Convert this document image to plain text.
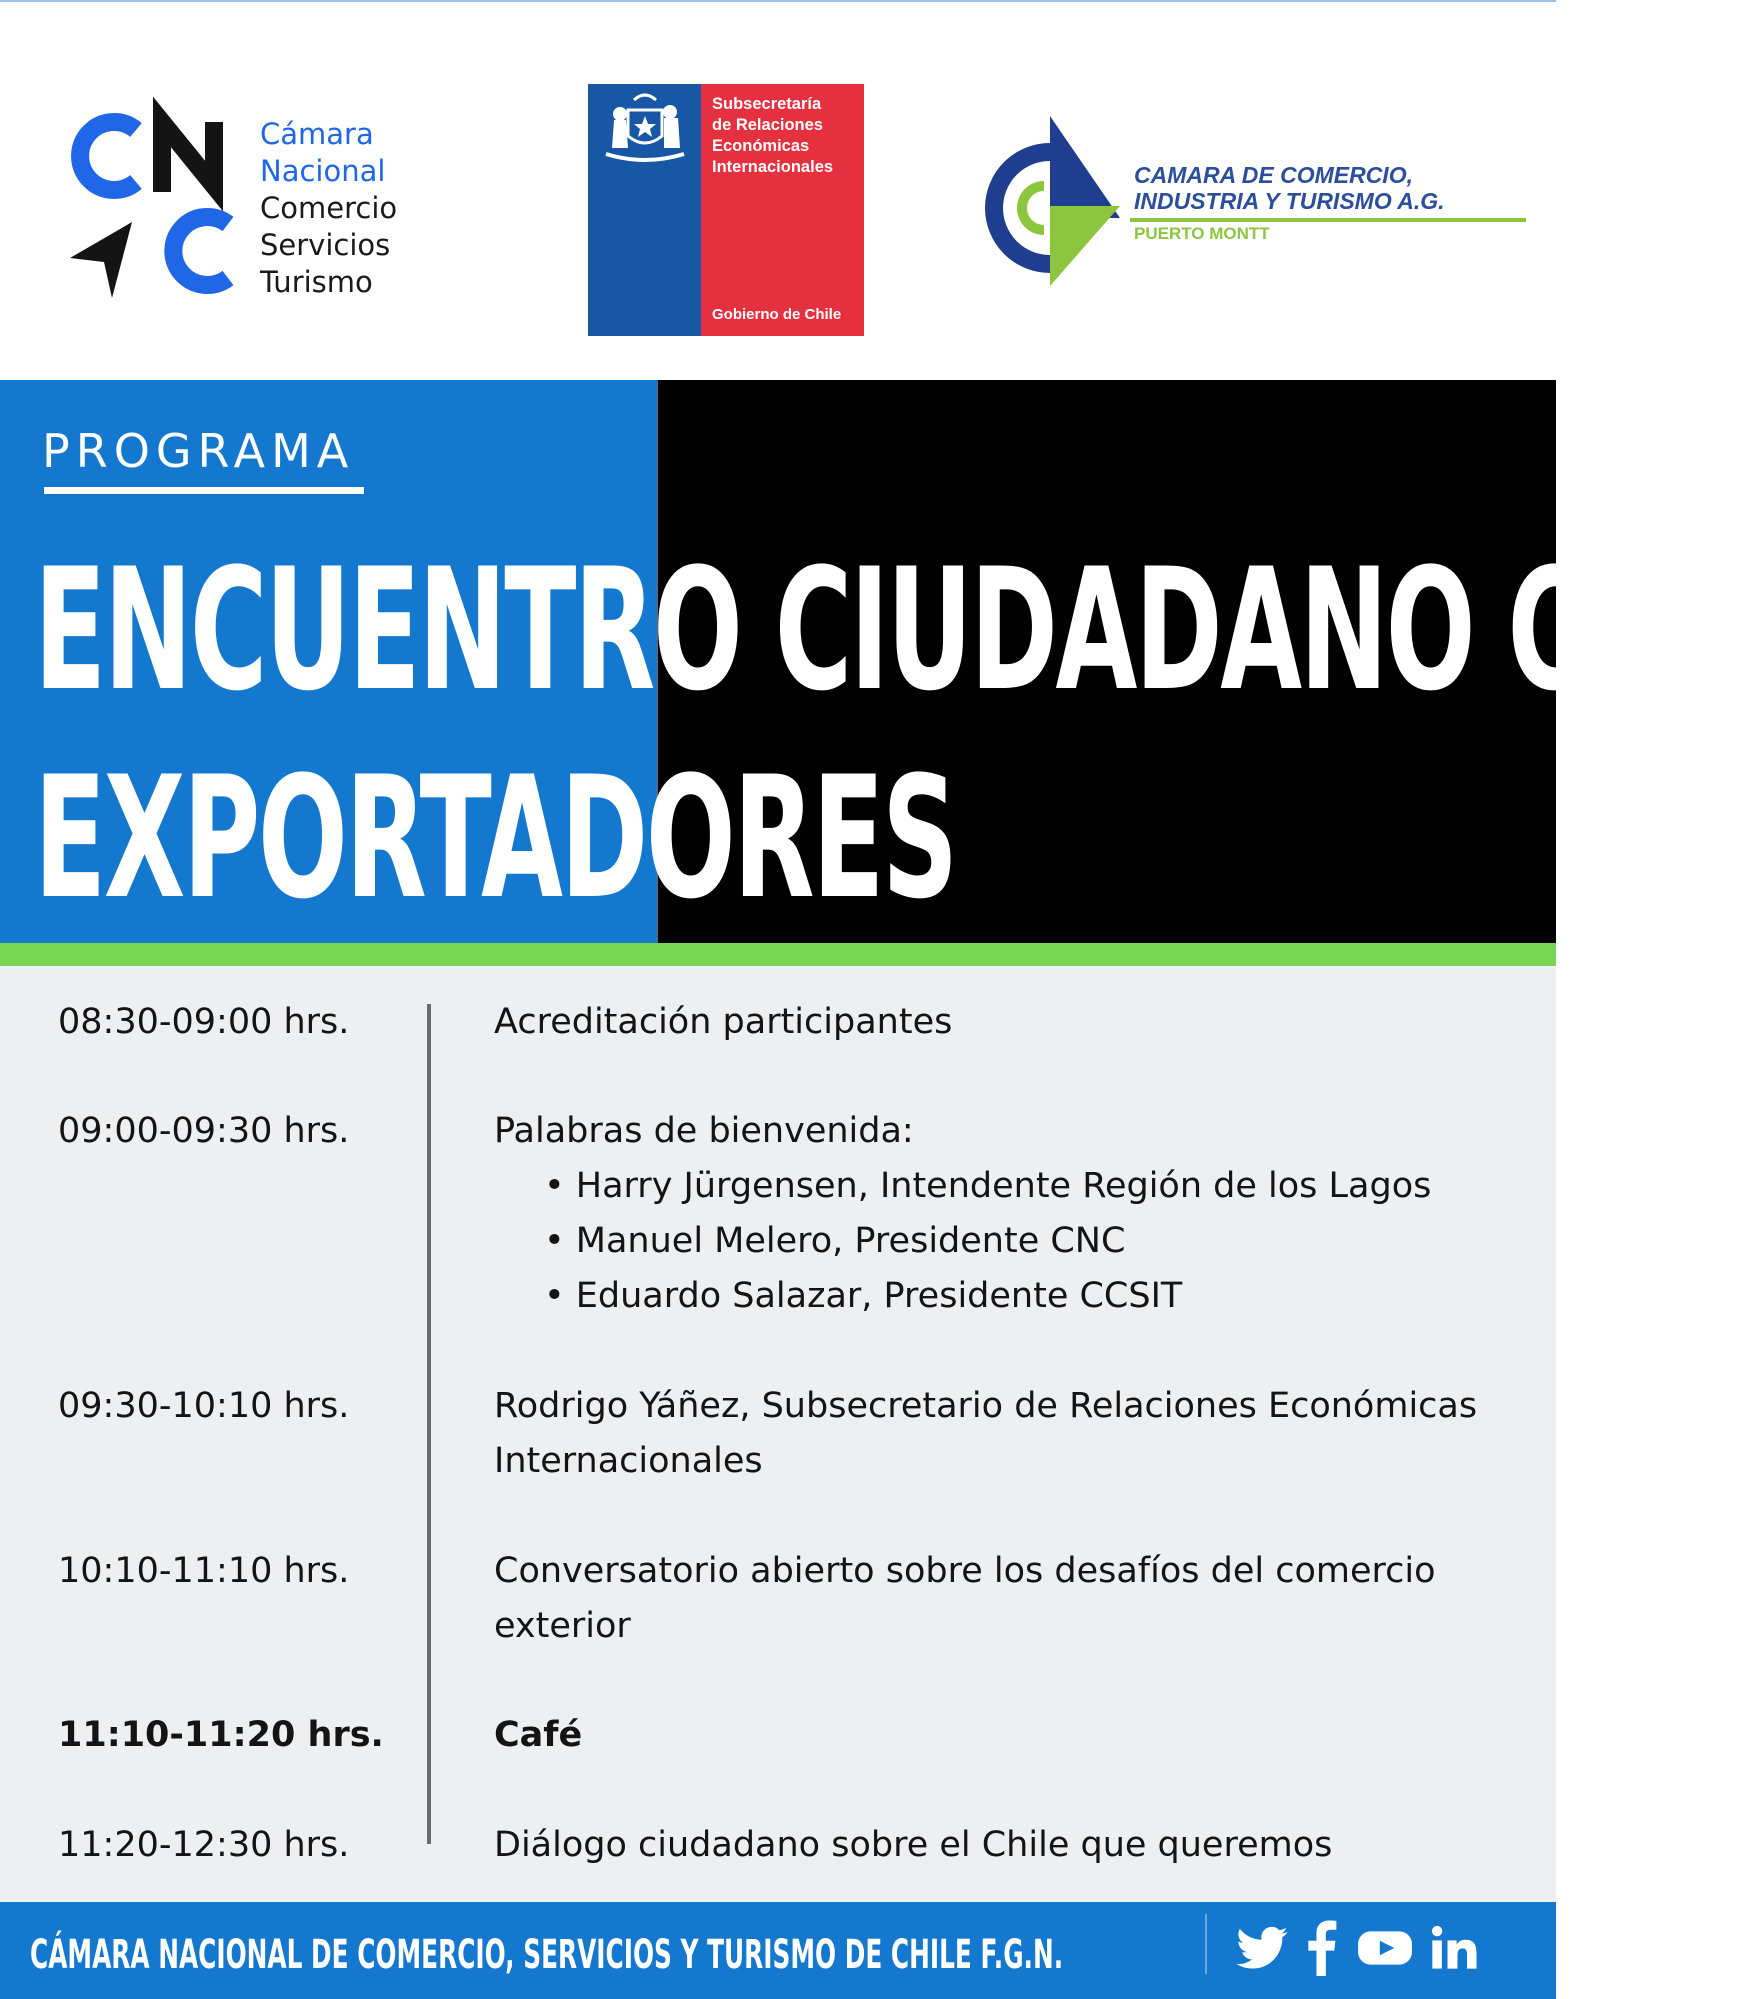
Cámara
Nacional
Comercio
Servicios
Turismo
Subsecretaría
de Relaciones
Económicas
Internacionales
Gobierno de Chile
CAMARA DE COMERCIO,
INDUSTRIA Y TURISMO A.G.
PUERTO MONTT
PROGRAMA
ENCUENTRO CIUDADANO CON
EXPORTADORES
08:30-09:00 hrs.	Acreditación participantes
09:00-09:30 hrs.	Palabras de bienvenida:
• Harry Jürgensen, Intendente Región de los Lagos
• Manuel Melero, Presidente CNC
• Eduardo Salazar, Presidente CCSIT
09:30-10:10 hrs.	Rodrigo Yáñez, Subsecretario de Relaciones Económicas Internacionales
10:10-11:10 hrs.	Conversatorio abierto sobre los desafíos del comercio exterior
11:10-11:20 hrs.	Café
11:20-12:30 hrs.	Diálogo ciudadano sobre el Chile que queremos
CÁMARA NACIONAL DE COMERCIO, SERVICIOS Y TURISMO DE CHILE F.G.N.
